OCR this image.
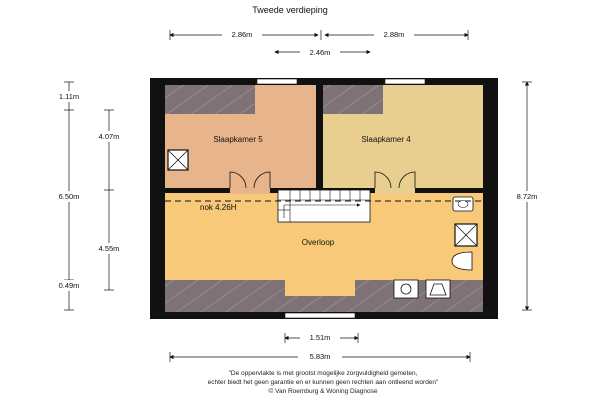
Tweede verdieping
Slaapkamer 5	Slaapkamer 4
Overloop
nok 4.26H
2.86m	2.88m
2.46m
1.11m
4.07m
6.50m
4.55m
0.49m
8.72m
1.51m
5.83m
"De oppervlakte is met grootst mogelijke zorgvuldigheid gemeten,
echter biedt het geen garantie en er kunnen geen rechten aan ontleend worden"
© Van Roemburg & Woning Diagnose
